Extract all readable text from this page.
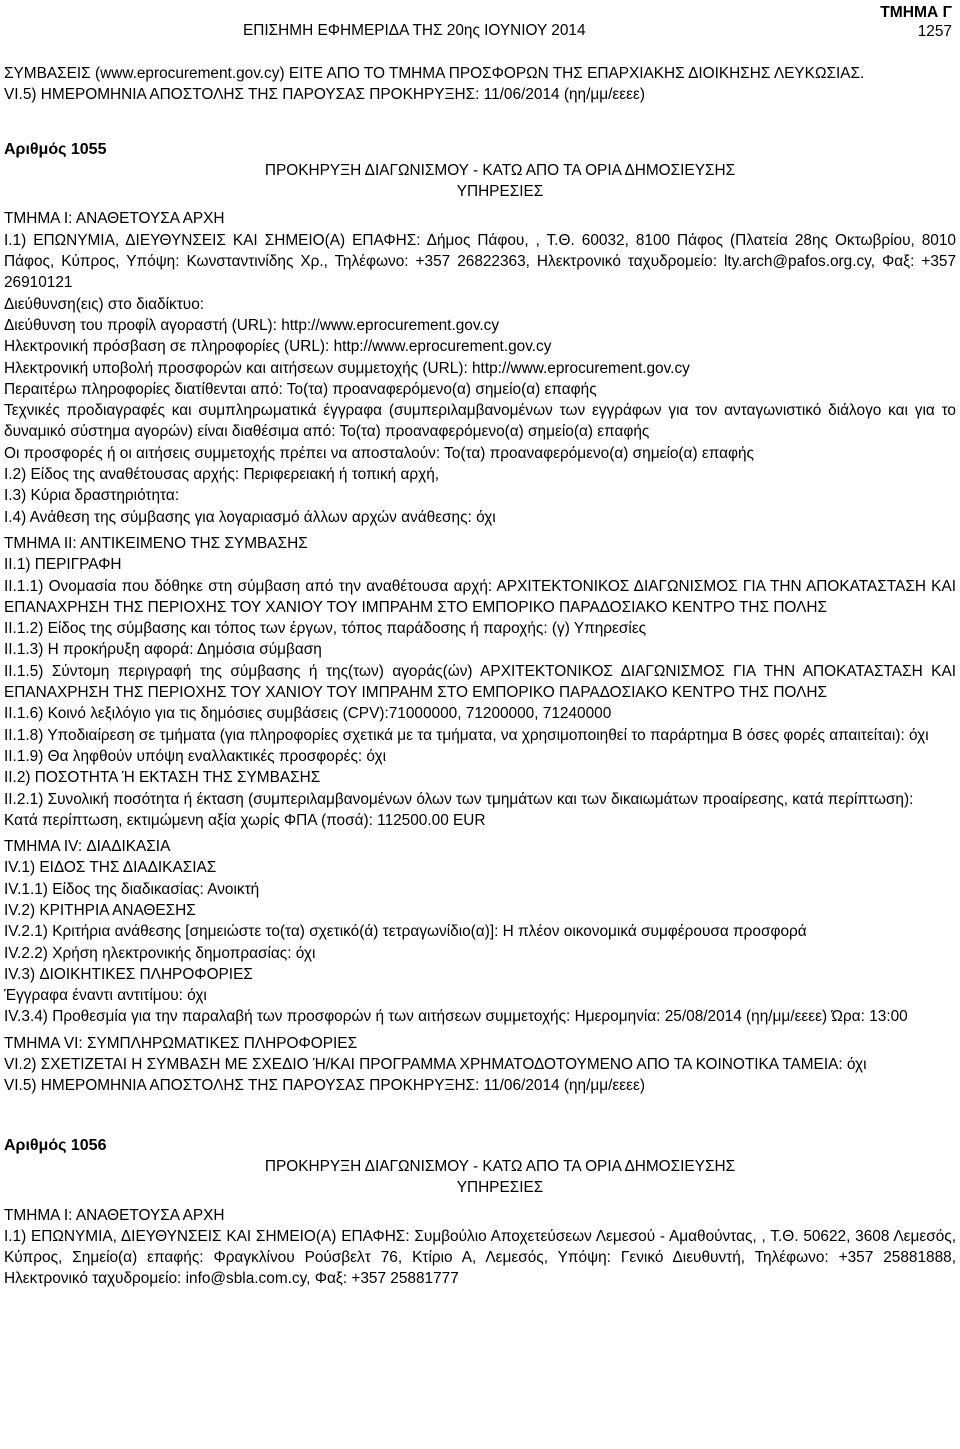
ΕΠΙΣΗΜΗ ΕΦΗΜΕΡΙΔΑ ΤΗΣ 20ης ΙΟΥΝΙΟΥ 2014
ΤΜΗΜΑ Γ
1257

ΣΥΜΒΑΣΕΙΣ (www.eprocurement.gov.cy) ΕΙΤΕ ΑΠΟ ΤΟ ΤΜΗΜΑ ΠΡΟΣΦΟΡΩΝ ΤΗΣ ΕΠΑΡΧΙΑΚΗΣ ΔΙΟΙΚΗΣΗΣ ΛΕΥΚΩΣΙΑΣ.

VI.5) ΗΜΕΡΟΜΗΝΙΑ ΑΠΟΣΤΟΛΗΣ ΤΗΣ ΠΑΡΟΥΣΑΣ ΠΡΟΚΗΡΥΞΗΣ: 11/06/2014 (ηη/μμ/εεεε)

Αριθμός 1055

ΠΡΟΚΗΡΥΞΗ ΔΙΑΓΩΝΙΣΜΟΥ - ΚΑΤΩ ΑΠΟ ΤΑ ΟΡΙΑ ΔΗΜΟΣΙΕΥΣΗΣ

ΥΠΗΡΕΣΙΕΣ

ΤΜΗΜΑ Ι: ΑΝΑΘΕΤΟΥΣΑ ΑΡΧΗ

Ι.1) ΕΠΩΝΥΜΙΑ, ΔΙΕΥΘΥΝΣΕΙΣ ΚΑΙ ΣΗΜΕΙΟ(Α) ΕΠΑΦΗΣ: Δήμος Πάφου, , Τ.Θ. 60032, 8100 Πάφος (Πλατεία 28ης Οκτωβρίου, 8010 Πάφος, Κύπρος, Υπόψη: Κωνσταντινίδης Χρ., Τηλέφωνο: +357 26822363, Ηλεκτρονικό ταχυδρομείο: lty.arch@pafos.org.cy, Φαξ: +357 26910121

Διεύθυνση(εις) στο διαδίκτυο:

Διεύθυνση του προφίλ αγοραστή (URL): http://www.eprocurement.gov.cy

Ηλεκτρονική πρόσβαση σε πληροφορίες (URL): http://www.eprocurement.gov.cy

Ηλεκτρονική υποβολή προσφορών και αιτήσεων συμμετοχής (URL): http://www.eprocurement.gov.cy

Περαιτέρω πληροφορίες διατίθενται από: Το(τα) προαναφερόμενο(α) σημείο(α) επαφής

Τεχνικές προδιαγραφές και συμπληρωματικά έγγραφα (συμπεριλαμβανομένων των εγγράφων για τον ανταγωνιστικό διάλογο και για το δυναμικό σύστημα αγορών) είναι διαθέσιμα από: Το(τα) προαναφερόμενο(α) σημείο(α) επαφής

Οι προσφορές ή οι αιτήσεις συμμετοχής πρέπει να αποσταλούν: Το(τα) προαναφερόμενο(α) σημείο(α) επαφής

Ι.2) Είδος της αναθέτουσας αρχής: Περιφερειακή ή τοπική αρχή,

Ι.3) Κύρια δραστηριότητα:

Ι.4) Ανάθεση της σύμβασης για λογαριασμό άλλων αρχών ανάθεσης: όχι

ΤΜΗΜΑ ΙΙ: ΑΝΤΙΚΕΙΜΕΝΟ ΤΗΣ ΣΥΜΒΑΣΗΣ

ΙΙ.1) ΠΕΡΙΓΡΑΦΗ

ΙΙ.1.1) Ονομασία που δόθηκε στη σύμβαση από την αναθέτουσα αρχή: ΑΡΧΙΤΕΚΤΟΝΙΚΟΣ ΔΙΑΓΩΝΙΣΜΟΣ ΓΙΑ ΤΗΝ ΑΠΟΚΑΤΑΣΤΑΣΗ ΚΑΙ ΕΠΑΝΑΧΡΗΣΗ ΤΗΣ ΠΕΡΙΟΧΗΣ ΤΟΥ ΧΑΝΙΟΥ ΤΟΥ ΙΜΠΡΑΗΜ ΣΤΟ ΕΜΠΟΡΙΚΟ ΠΑΡΑΔΟΣΙΑΚΟ ΚΕΝΤΡΟ ΤΗΣ ΠΟΛΗΣ

ΙΙ.1.2) Είδος της σύμβασης και τόπος των έργων, τόπος παράδοσης ή παροχής: (γ) Υπηρεσίες

ΙΙ.1.3) Η προκήρυξη αφορά: Δημόσια σύμβαση

ΙΙ.1.5) Σύντομη περιγραφή της σύμβασης ή της(των) αγοράς(ών) ΑΡΧΙΤΕΚΤΟΝΙΚΟΣ ΔΙΑΓΩΝΙΣΜΟΣ ΓΙΑ ΤΗΝ ΑΠΟΚΑΤΑΣΤΑΣΗ ΚΑΙ ΕΠΑΝΑΧΡΗΣΗ ΤΗΣ ΠΕΡΙΟΧΗΣ ΤΟΥ ΧΑΝΙΟΥ ΤΟΥ ΙΜΠΡΑΗΜ ΣΤΟ ΕΜΠΟΡΙΚΟ ΠΑΡΑΔΟΣΙΑΚΟ ΚΕΝΤΡΟ ΤΗΣ ΠΟΛΗΣ

ΙΙ.1.6) Κοινό λεξιλόγιο για τις δημόσιες συμβάσεις (CPV):71000000, 71200000, 71240000

ΙΙ.1.8) Υποδιαίρεση σε τμήματα (για πληροφορίες σχετικά με τα τμήματα, να χρησιμοποιηθεί το παράρτημα Β όσες φορές απαιτείται): όχι

ΙΙ.1.9) Θα ληφθούν υπόψη εναλλακτικές προσφορές: όχι

ΙΙ.2) ΠΟΣΟΤΗΤΑ Ή ΕΚΤΑΣΗ ΤΗΣ ΣΥΜΒΑΣΗΣ

ΙΙ.2.1) Συνολική ποσότητα ή έκταση (συμπεριλαμβανομένων όλων των τμημάτων και των δικαιωμάτων προαίρεσης, κατά περίπτωση):

Κατά περίπτωση, εκτιμώμενη αξία χωρίς ΦΠΑ (ποσά): 112500.00 EUR

ΤΜΗΜΑ IV: ΔΙΑΔΙΚΑΣΙΑ

IV.1) ΕΙΔΟΣ ΤΗΣ ΔΙΑΔΙΚΑΣΙΑΣ

IV.1.1) Είδος της διαδικασίας: Ανοικτή

IV.2) ΚΡΙΤΗΡΙΑ ΑΝΑΘΕΣΗΣ

IV.2.1) Κριτήρια ανάθεσης [σημειώστε το(τα) σχετικό(ά) τετραγωνίδιο(α)]: Η πλέον οικονομικά συμφέρουσα προσφορά

IV.2.2) Χρήση ηλεκτρονικής δημοπρασίας: όχι

IV.3) ΔΙΟΙΚΗΤΙΚΕΣ ΠΛΗΡΟΦΟΡΙΕΣ

Έγγραφα έναντι αντιτίμου: όχι

IV.3.4) Προθεσμία για την παραλαβή των προσφορών ή των αιτήσεων συμμετοχής: Ημερομηνία: 25/08/2014 (ηη/μμ/εεεε) Ώρα: 13:00

ΤΜΗΜΑ VI: ΣΥΜΠΛΗΡΩΜΑΤΙΚΕΣ ΠΛΗΡΟΦΟΡΙΕΣ

VI.2) ΣΧΕΤΙΖΕΤΑΙ Η ΣΥΜΒΑΣΗ ΜΕ ΣΧΕΔΙΟ Ή/ΚΑΙ ΠΡΟΓΡΑΜΜΑ ΧΡΗΜΑΤΟΔΟΤΟΥΜΕΝΟ ΑΠΟ ΤΑ ΚΟΙΝΟΤΙΚΑ ΤΑΜΕΙΑ: όχι

VI.5) ΗΜΕΡΟΜΗΝΙΑ ΑΠΟΣΤΟΛΗΣ ΤΗΣ ΠΑΡΟΥΣΑΣ ΠΡΟΚΗΡΥΞΗΣ: 11/06/2014 (ηη/μμ/εεεε)

Αριθμός 1056

ΠΡΟΚΗΡΥΞΗ ΔΙΑΓΩΝΙΣΜΟΥ - ΚΑΤΩ ΑΠΟ ΤΑ ΟΡΙΑ ΔΗΜΟΣΙΕΥΣΗΣ

ΥΠΗΡΕΣΙΕΣ

ΤΜΗΜΑ Ι: ΑΝΑΘΕΤΟΥΣΑ ΑΡΧΗ

Ι.1) ΕΠΩΝΥΜΙΑ, ΔΙΕΥΘΥΝΣΕΙΣ ΚΑΙ ΣΗΜΕΙΟ(Α) ΕΠΑΦΗΣ: Συμβούλιο Αποχετεύσεων Λεμεσού - Αμαθούντας, , Τ.Θ. 50622, 3608 Λεμεσός, Κύπρος, Σημείο(α) επαφής: Φραγκλίνου Ρούσβελτ 76, Κτίριο Α, Λεμεσός, Υπόψη: Γενικό Διευθυντή, Τηλέφωνο: +357 25881888, Ηλεκτρονικό ταχυδρομείο: info@sbla.com.cy, Φαξ: +357 25881777
